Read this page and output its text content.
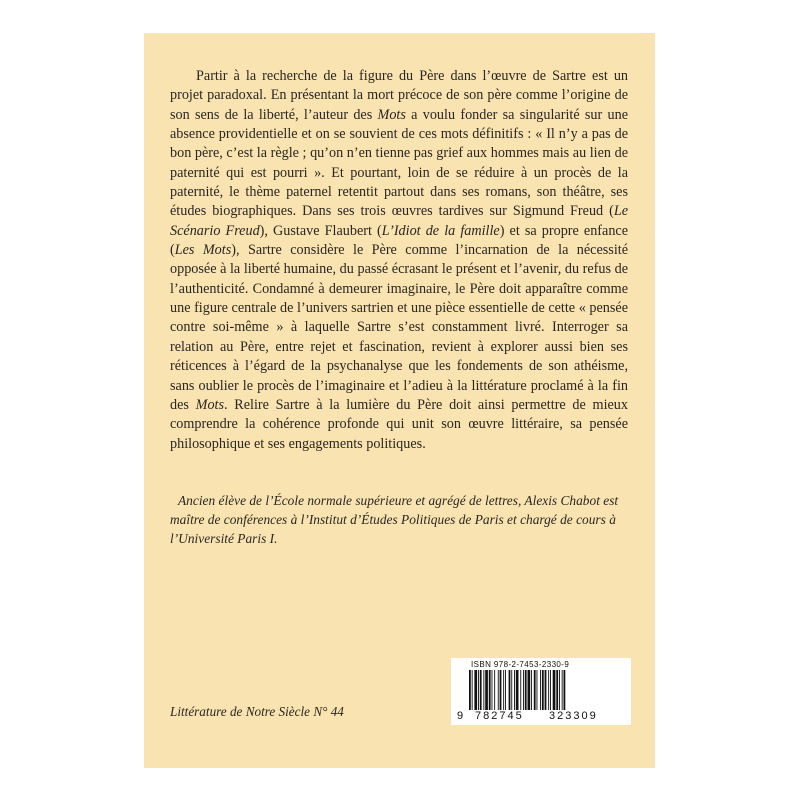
Partir à la recherche de la figure du Père dans l’œuvre de Sartre est un projet paradoxal. En présentant la mort précoce de son père comme l’origine de son sens de la liberté, l’auteur des Mots a voulu fonder sa singularité sur une absence providentielle et on se souvient de ces mots définitifs : « Il n’y a pas de bon père, c’est la règle ; qu’on n’en tienne pas grief aux hommes mais au lien de paternité qui est pourri ». Et pourtant, loin de se réduire à un procès de la paternité, le thème paternel retentit partout dans ses romans, son théâtre, ses études biographiques. Dans ses trois œuvres tardives sur Sigmund Freud (Le Scénario Freud), Gustave Flaubert (L’Idiot de la famille) et sa propre enfance (Les Mots), Sartre considère le Père comme l’incarnation de la nécessité opposée à la liberté humaine, du passé écrasant le présent et l’avenir, du refus de l’authenticité. Condamné à demeurer imaginaire, le Père doit apparaître comme une figure centrale de l’univers sartrien et une pièce essentielle de cette « pensée contre soi-même » à laquelle Sartre s’est constamment livré. Interroger sa relation au Père, entre rejet et fascination, revient à explorer aussi bien ses réticences à l’égard de la psychanalyse que les fondements de son athéisme, sans oublier le procès de l’imaginaire et l’adieu à la littérature proclamé à la fin des Mots. Relire Sartre à la lumière du Père doit ainsi permettre de mieux comprendre la cohérence profonde qui unit son œuvre littéraire, sa pensée philosophique et ses engagements politiques.

Ancien élève de l’École normale supérieure et agrégé de lettres, Alexis Chabot est maître de conférences à l’Institut d’Études Politiques de Paris et chargé de cours à l’Université Paris I.

Littérature de Notre Siècle N° 44
ISBN 978-2-7453-2330-9
9 782745 323309
